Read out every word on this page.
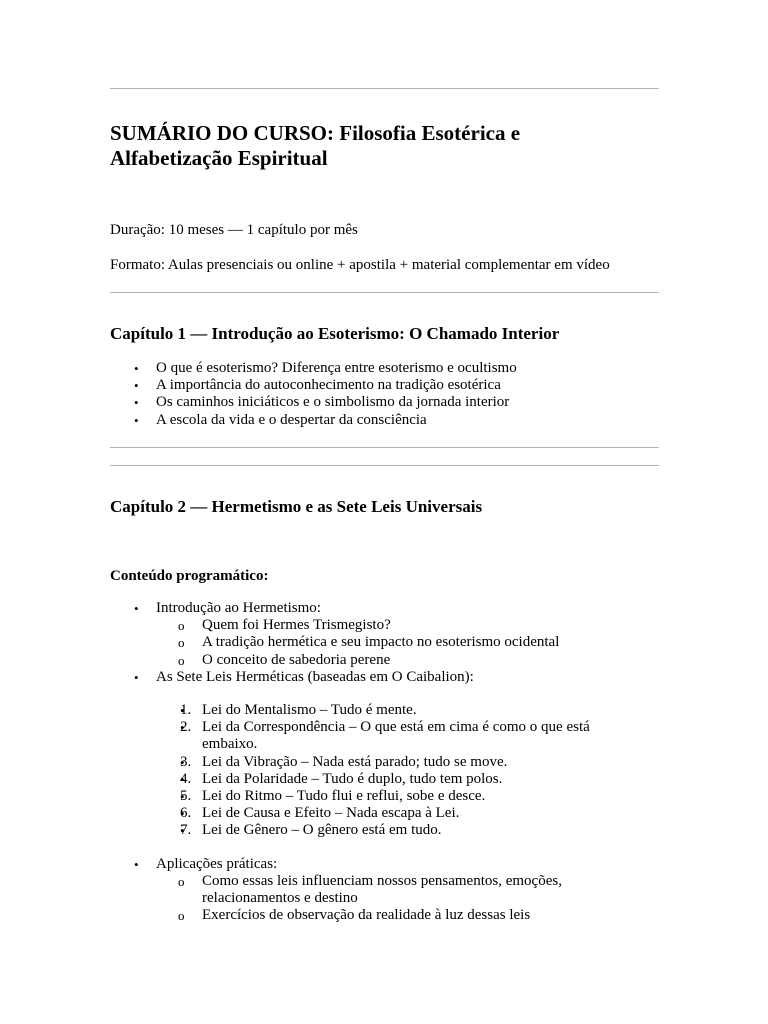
SUMÁRIO DO CURSO: Filosofia Esotérica e Alfabetização Espiritual
Duração: 10 meses — 1 capítulo por mês
Formato: Aulas presenciais ou online + apostila + material complementar em vídeo
Capítulo 1 — Introdução ao Esoterismo: O Chamado Interior
• O que é esoterismo? Diferença entre esoterismo e ocultismo
• A importância do autoconhecimento na tradição esotérica
• Os caminhos iniciáticos e o simbolismo da jornada interior
• A escola da vida e o despertar da consciência
Capítulo 2 — Hermetismo e as Sete Leis Universais
Conteúdo programático:
• Introdução ao Hermetismo:
o Quem foi Hermes Trismegisto?
o A tradição hermética e seu impacto no esoterismo ocidental
o O conceito de sabedoria perene
• As Sete Leis Herméticas (baseadas em O Caibalion):
• 1. Lei do Mentalismo – Tudo é mente.
• 2. Lei da Correspondência – O que está em cima é como o que está embaixo.
• 3. Lei da Vibração – Nada está parado; tudo se move.
• 4. Lei da Polaridade – Tudo é duplo, tudo tem polos.
• 5. Lei do Ritmo – Tudo flui e reflui, sobe e desce.
• 6. Lei de Causa e Efeito – Nada escapa à Lei.
• 7. Lei de Gênero – O gênero está em tudo.
• Aplicações práticas:
o Como essas leis influenciam nossos pensamentos, emoções, relacionamentos e destino
o Exercícios de observação da realidade à luz dessas leis
